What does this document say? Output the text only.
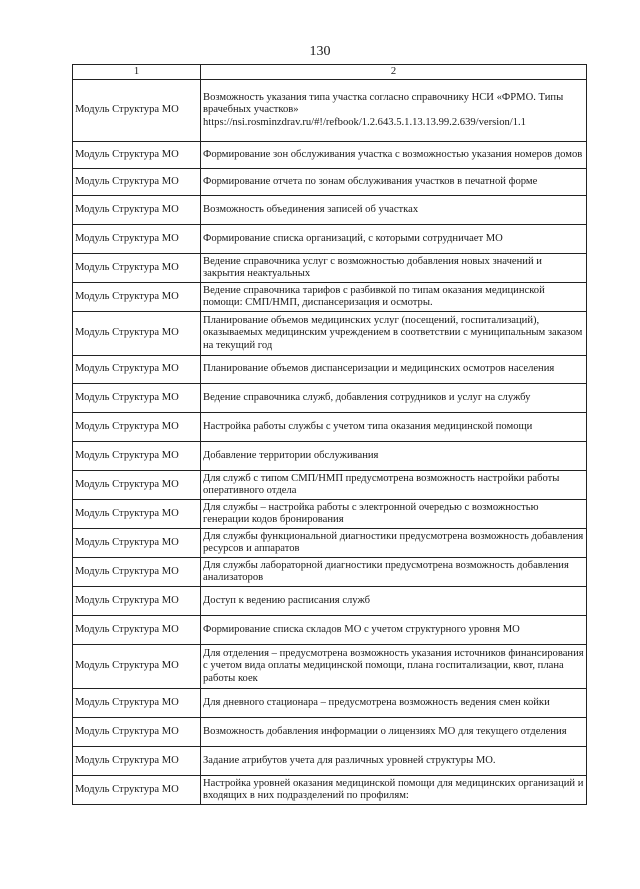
130
1	2
Модуль Структура МО	Возможность указания типа участка согласно справочнику НСИ «ФРМО. Типы врачебных участков» https://nsi.rosminzdrav.ru/#!/refbook/1.2.643.5.1.13.13.99.2.639/version/1.1
Модуль Структура МО	Формирование зон обслуживания участка с возможностью указания номеров домов
Модуль Структура МО	Формирование отчета по зонам обслуживания участков в печатной форме
Модуль Структура МО	Возможность объединения записей об участках
Модуль Структура МО	Формирование списка организаций, с которыми сотрудничает МО
Модуль Структура МО	Ведение справочника услуг с возможностью добавления новых значений и закрытия неактуальных
Модуль Структура МО	Ведение справочника тарифов с разбивкой по типам оказания медицинской помощи: СМП/НМП, диспансеризация и осмотры.
Модуль Структура МО	Планирование объемов медицинских услуг (посещений, госпитализаций), оказываемых медицинским учреждением в соответствии с муниципальным заказом на текущий год
Модуль Структура МО	Планирование объемов диспансеризации и медицинских осмотров населения
Модуль Структура МО	Ведение справочника служб, добавления сотрудников и услуг на службу
Модуль Структура МО	Настройка работы службы с учетом типа оказания медицинской помощи
Модуль Структура МО	Добавление территории обслуживания
Модуль Структура МО	Для служб с типом СМП/НМП предусмотрена возможность настройки работы оперативного отдела
Модуль Структура МО	Для службы – настройка работы с электронной очередью с возможностью генерации кодов бронирования
Модуль Структура МО	Для службы функциональной диагностики предусмотрена возможность добавления ресурсов и аппаратов
Модуль Структура МО	Для службы лабораторной диагностики предусмотрена возможность добавления анализаторов
Модуль Структура МО	Доступ к ведению расписания служб
Модуль Структура МО	Формирование списка складов МО с учетом структурного уровня МО
Модуль Структура МО	Для отделения – предусмотрена возможность указания источников финансирования с учетом вида оплаты медицинской помощи, плана госпитализации, квот, плана работы коек
Модуль Структура МО	Для дневного стационара – предусмотрена возможность ведения смен койки
Модуль Структура МО	Возможность добавления информации о лицензиях МО для текущего отделения
Модуль Структура МО	Задание атрибутов учета для различных уровней структуры МО.
Модуль Структура МО	Настройка уровней оказания медицинской помощи для медицинских организаций и входящих в них подразделений по профилям:
